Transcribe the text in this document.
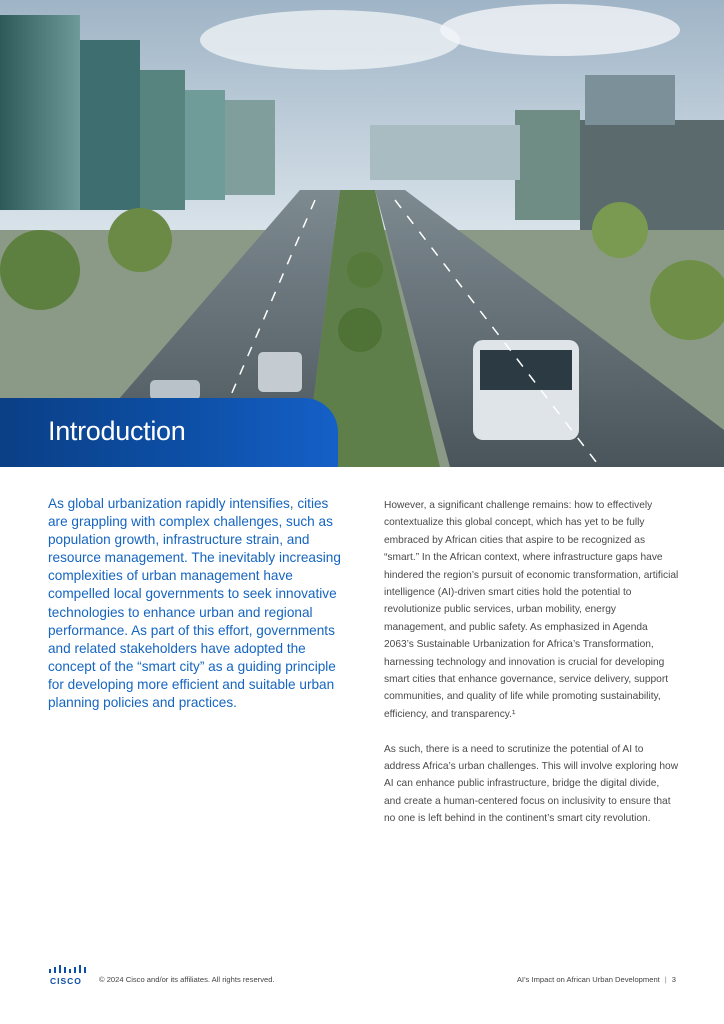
Introduction
As global urbanization rapidly intensifies, cities are grappling with complex challenges, such as population growth, infrastructure strain, and resource management. The inevitably increasing complexities of urban management have compelled local governments to seek innovative technologies to enhance urban and regional performance. As part of this effort, governments and related stakeholders have adopted the concept of the “smart city” as a guiding principle for developing more efficient and suitable urban planning policies and practices.

However, a significant challenge remains: how to effectively contextualize this global concept, which has yet to be fully embraced by African cities that aspire to be recognized as “smart.” In the African context, where infrastructure gaps have hindered the region’s pursuit of economic transformation, artificial intelligence (AI)-driven smart cities hold the potential to revolutionize public services, urban mobility, energy management, and public safety. As emphasized in Agenda 2063’s Sustainable Urbanization for Africa’s Transformation, harnessing technology and innovation is crucial for developing smart cities that enhance governance, service delivery, support communities, and quality of life while promoting sustainability, efficiency, and transparency.¹

As such, there is a need to scrutinize the potential of AI to address Africa’s urban challenges. This will involve exploring how AI can enhance public infrastructure, bridge the digital divide, and create a human-centered focus on inclusivity to ensure that no one is left behind in the continent’s smart city revolution.

CISCO © 2024 Cisco and/or its affiliates. All rights reserved.	AI’s Impact on African Urban Development | 3
